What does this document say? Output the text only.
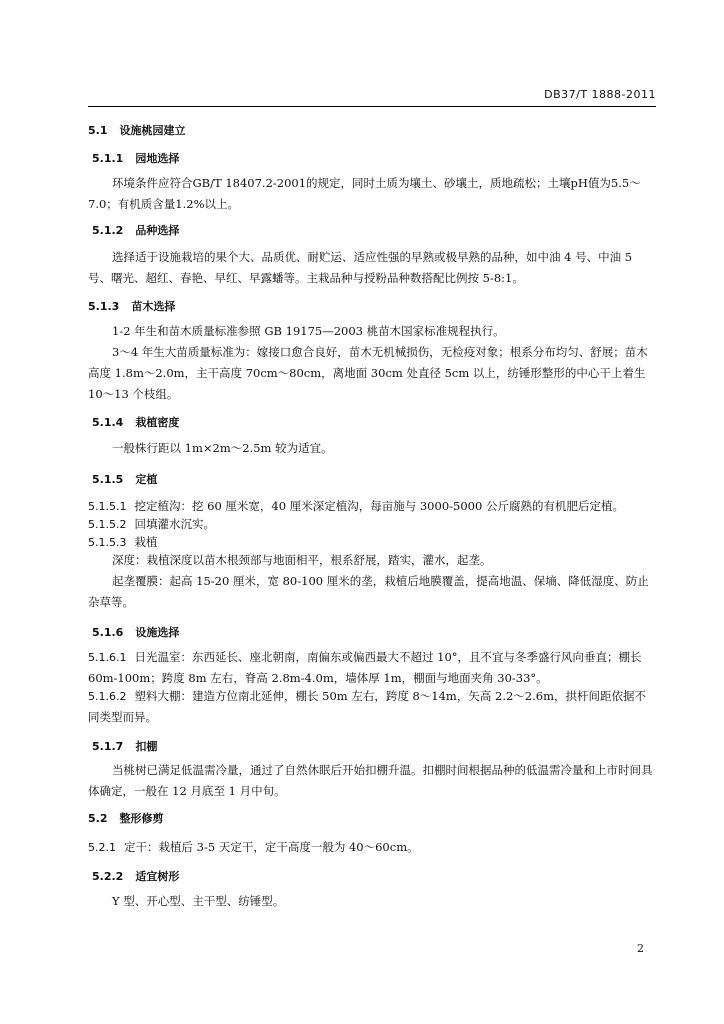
DB37/T 1888-2011
5.1 设施桃园建立
5.1.1 园地选择
环境条件应符合GB/T 18407.2-2001的规定，同时土质为壤土、砂壤土，质地疏松；土壤pH值为5.5～7.0；有机质含量1.2%以上。
5.1.2 品种选择
选择适于设施栽培的果个大、品质优、耐贮运、适应性强的早熟或极早熟的品种，如中油 4 号、中油 5 号、曙光、超红、春艳、早红、早露蟠等。主栽品种与授粉品种数搭配比例按 5-8:1。
5.1.3 苗木选择
1-2 年生和苗木质量标准参照 GB 19175—2003 桃苗木国家标准规程执行。
3～4 年生大苗质量标准为：嫁接口愈合良好，苗木无机械损伤，无检疫对象；根系分布均匀、舒展；苗木高度 1.8m～2.0m，主干高度 70cm～80cm，离地面 30cm 处直径 5cm 以上，纺锤形整形的中心干上着生 10～13 个枝组。
5.1.4 栽植密度
一般株行距以 1m×2m～2.5m 较为适宜。
5.1.5 定植
5.1.5.1 挖定植沟：挖 60 厘米宽，40 厘米深定植沟，每亩施与 3000-5000 公斤腐熟的有机肥后定植。
5.1.5.2 回填灌水沉实。
5.1.5.3 栽植
深度：栽植深度以苗木根颈部与地面相平，根系舒展，踏实，灌水，起垄。
起垄覆膜：起高 15-20 厘米，宽 80-100 厘米的垄，栽植后地膜覆盖，提高地温、保墒、降低湿度、防止杂草等。
5.1.6 设施选择
5.1.6.1 日光温室：东西延长、座北朝南，南偏东或偏西最大不超过 10°，且不宜与冬季盛行风向垂直；棚长 60m-100m；跨度 8m 左右，脊高 2.8m-4.0m，墙体厚 1m，棚面与地面夹角 30-33°。
5.1.6.2 塑料大棚：建造方位南北延伸，棚长 50m 左右，跨度 8～14m，矢高 2.2～2.6m，拱杆间距依据不同类型而异。
5.1.7 扣棚
当桃树已满足低温需冷量，通过了自然休眠后开始扣棚升温。扣棚时间根据品种的低温需冷量和上市时间具体确定，一般在 12 月底至 1 月中旬。
5.2 整形修剪
5.2.1 定干：栽植后 3-5 天定干，定干高度一般为 40～60cm。
5.2.2 适宜树形
Y 型、开心型、主干型、纺锤型。
2
